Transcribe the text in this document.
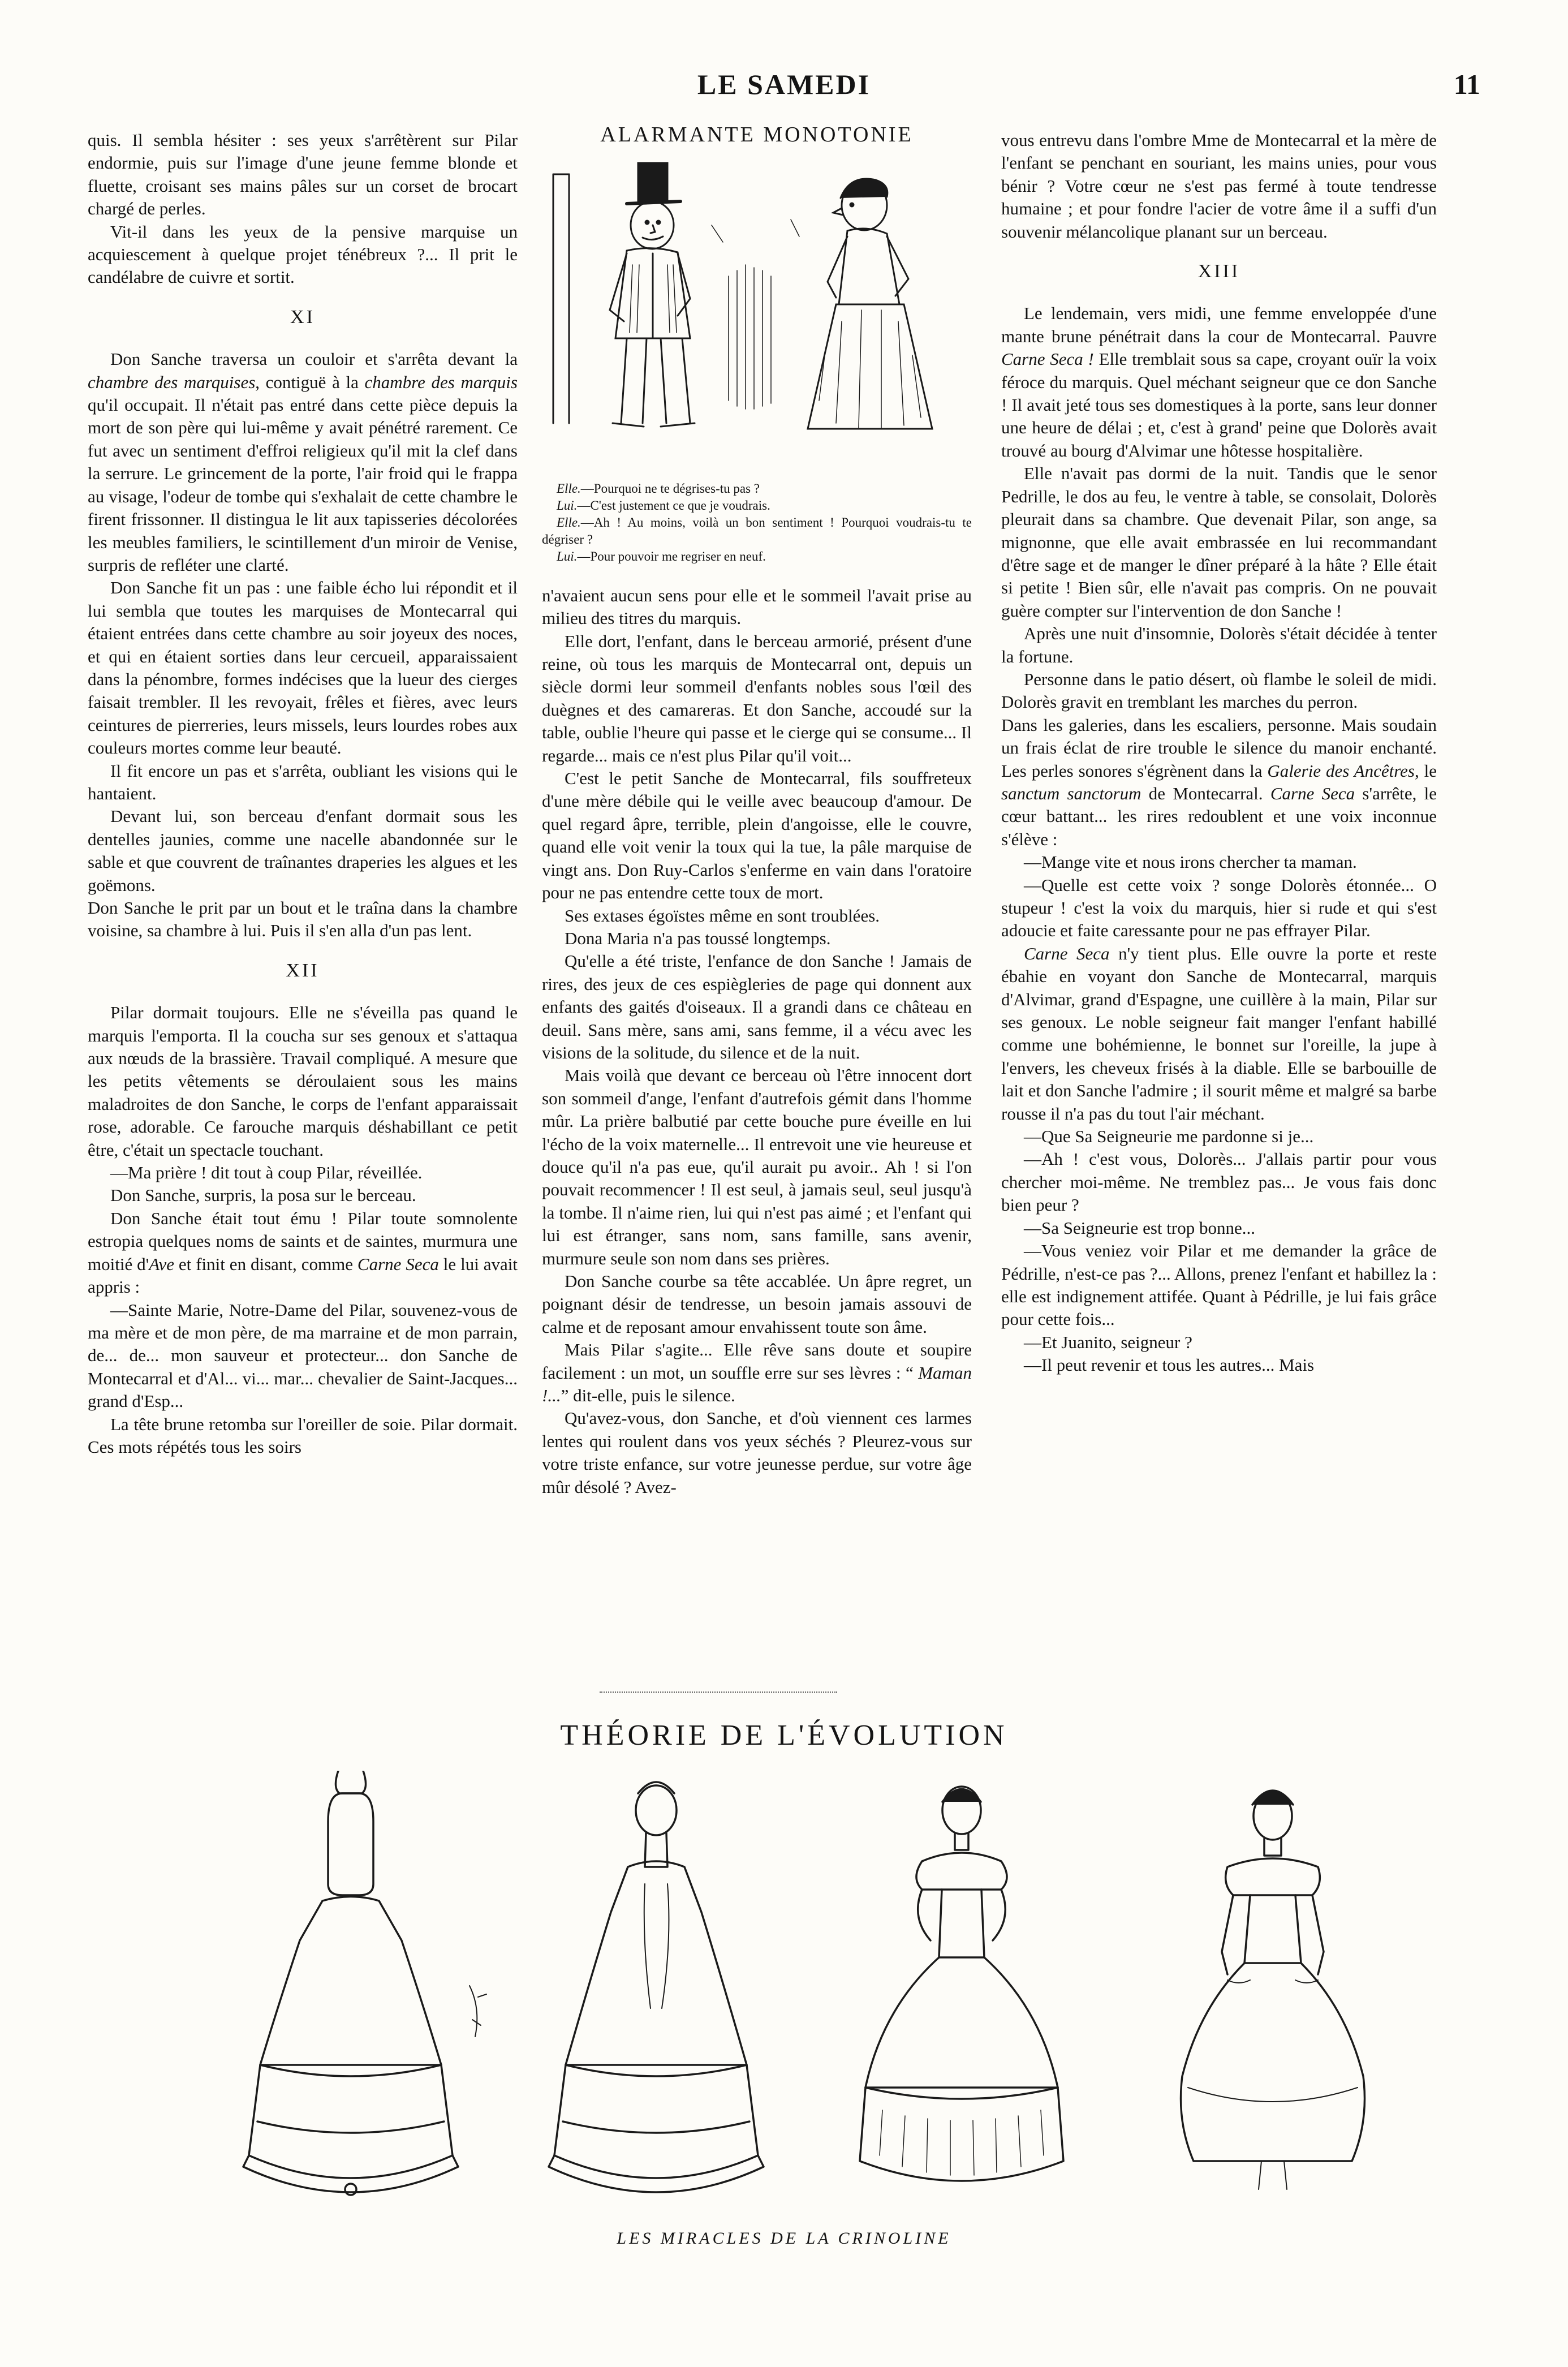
LE SAMEDI	11

quis. Il sembla hésiter : ses yeux s'arrêtèrent sur Pilar endormie, puis sur l'image d'une jeune femme blonde et fluette, croisant ses mains pâles sur un corset de brocart chargé de perles.

Vit-il dans les yeux de la pensive marquise un acquiescement à quelque projet ténébreux ?... Il prit le candélabre de cuivre et sortit.

XI

Don Sanche traversa un couloir et s'arrêta devant la chambre des marquises, contiguë à la chambre des marquis qu'il occupait. Il n'était pas entré dans cette pièce depuis la mort de son père qui lui-même y avait pénétré rarement. Ce fut avec un sentiment d'effroi religieux qu'il mit la clef dans la serrure. Le grincement de la porte, l'air froid qui le frappa au visage, l'odeur de tombe qui s'exhalait de cette chambre le firent frissonner. Il distingua le lit aux tapisseries décolorées les meubles familiers, le scintillement d'un miroir de Venise, surpris de refléter une clarté.

Don Sanche fit un pas : une faible écho lui répondit et il lui sembla que toutes les marquises de Montecarral qui étaient entrées dans cette chambre au soir joyeux des noces, et qui en étaient sorties dans leur cercueil, apparaissaient dans la pénombre, formes indécises que la lueur des cierges faisait trembler. Il les revoyait, frêles et fières, avec leurs ceintures de pierreries, leurs missels, leurs lourdes robes aux couleurs mortes comme leur beauté.

Il fit encore un pas et s'arrêta, oubliant les visions qui le hantaient.

Devant lui, son berceau d'enfant dormait sous les dentelles jaunies, comme une nacelle abandonnée sur le sable et que couvrent de traînantes draperies les algues et les goëmons.

Don Sanche le prit par un bout et le traîna dans la chambre voisine, sa chambre à lui. Puis il s'en alla d'un pas lent.

XII

Pilar dormait toujours. Elle ne s'éveilla pas quand le marquis l'emporta. Il la coucha sur ses genoux et s'attaqua aux nœuds de la brassière. Travail compliqué. A mesure que les petits vêtements se déroulaient sous les mains maladroites de don Sanche, le corps de l'enfant apparaissait rose, adorable. Ce farouche marquis déshabillant ce petit être, c'était un spectacle touchant.

—Ma prière ! dit tout à coup Pilar, réveillée.

Don Sanche, surpris, la posa sur le berceau.

Don Sanche était tout ému ! Pilar toute somnolente estropia quelques noms de saints et de saintes, murmura une moitié d'Ave et finit en disant, comme Carne Seca le lui avait appris :

—Sainte Marie, Notre-Dame del Pilar, souvenez-vous de ma mère et de mon père, de ma marraine et de mon parrain, de... de... mon sauveur et protecteur... don Sanche de Montecarral et d'Al... vi... mar... chevalier de Saint-Jacques... grand d'Esp...

La tête brune retomba sur l'oreiller de soie. Pilar dormait. Ces mots répétés tous les soirs

ALARMANTE MONOTONIE

Elle.—Pourquoi ne te dégrises-tu pas ?

Lui.—C'est justement ce que je voudrais.

Elle.—Ah ! Au moins, voilà un bon sentiment ! Pourquoi voudrais-tu te dégriser ?

Lui.—Pour pouvoir me regriser en neuf.

n'avaient aucun sens pour elle et le sommeil l'avait prise au milieu des titres du marquis.

Elle dort, l'enfant, dans le berceau armorié, présent d'une reine, où tous les marquis de Montecarral ont, depuis un siècle dormi leur sommeil d'enfants nobles sous l'œil des duègnes et des camareras. Et don Sanche, accoudé sur la table, oublie l'heure qui passe et le cierge qui se consume... Il regarde... mais ce n'est plus Pilar qu'il voit...

C'est le petit Sanche de Montecarral, fils souffreteux d'une mère débile qui le veille avec beaucoup d'amour. De quel regard âpre, terrible, plein d'angoisse, elle le couvre, quand elle voit venir la toux qui la tue, la pâle marquise de vingt ans. Don Ruy-Carlos s'enferme en vain dans l'oratoire pour ne pas entendre cette toux de mort.

Ses extases égoïstes même en sont troublées.

Dona Maria n'a pas toussé longtemps.

Qu'elle a été triste, l'enfance de don Sanche ! Jamais de rires, des jeux de ces espiègleries de page qui donnent aux enfants des gaités d'oiseaux. Il a grandi dans ce château en deuil. Sans mère, sans ami, sans femme, il a vécu avec les visions de la solitude, du silence et de la nuit.

Mais voilà que devant ce berceau où l'être innocent dort son sommeil d'ange, l'enfant d'autrefois gémit dans l'homme mûr. La prière balbutié par cette bouche pure éveille en lui l'écho de la voix maternelle... Il entrevoit une vie heureuse et douce qu'il n'a pas eue, qu'il aurait pu avoir.. Ah ! si l'on pouvait recommencer ! Il est seul, à jamais seul, seul jusqu'à la tombe. Il n'aime rien, lui qui n'est pas aimé ; et l'enfant qui lui est étranger, sans nom, sans famille, sans avenir, murmure seule son nom dans ses prières.

Don Sanche courbe sa tête accablée. Un âpre regret, un poignant désir de tendresse, un besoin jamais assouvi de calme et de reposant amour envahissent toute son âme.

Mais Pilar s'agite... Elle rêve sans doute et soupire facilement : un mot, un souffle erre sur ses lèvres : “ Maman !...” dit-elle, puis le silence.

Qu'avez-vous, don Sanche, et d'où viennent ces larmes lentes qui roulent dans vos yeux séchés ? Pleurez-vous sur votre triste enfance, sur votre jeunesse perdue, sur votre âge mûr désolé ? Avez-

vous entrevu dans l'ombre Mme de Montecarral et la mère de l'enfant se penchant en souriant, les mains unies, pour vous bénir ? Votre cœur ne s'est pas fermé à toute tendresse humaine ; et pour fondre l'acier de votre âme il a suffi d'un souvenir mélancolique planant sur un berceau.

XIII

Le lendemain, vers midi, une femme enveloppée d'une mante brune pénétrait dans la cour de Montecarral. Pauvre Carne Seca ! Elle tremblait sous sa cape, croyant ouïr la voix féroce du marquis. Quel méchant seigneur que ce don Sanche ! Il avait jeté tous ses domestiques à la porte, sans leur donner une heure de délai ; et, c'est à grand' peine que Dolorès avait trouvé au bourg d'Alvimar une hôtesse hospitalière.

Elle n'avait pas dormi de la nuit. Tandis que le senor Pedrille, le dos au feu, le ventre à table, se consolait, Dolorès pleurait dans sa chambre. Que devenait Pilar, son ange, sa mignonne, que elle avait embrassée en lui recommandant d'être sage et de manger le dîner préparé à la hâte ? Elle était si petite ! Bien sûr, elle n'avait pas compris. On ne pouvait guère compter sur l'intervention de don Sanche !

Après une nuit d'insomnie, Dolorès s'était décidée à tenter la fortune.

Personne dans le patio désert, où flambe le soleil de midi. Dolorès gravit en tremblant les marches du perron.

Dans les galeries, dans les escaliers, personne. Mais soudain un frais éclat de rire trouble le silence du manoir enchanté. Les perles sonores s'égrènent dans la Galerie des Ancêtres, le sanctum sanctorum de Montecarral. Carne Seca s'arrête, le cœur battant... les rires redoublent et une voix inconnue s'élève :

—Mange vite et nous irons chercher ta maman.

—Quelle est cette voix ? songe Dolorès étonnée... O stupeur ! c'est la voix du marquis, hier si rude et qui s'est adoucie et faite caressante pour ne pas effrayer Pilar.

Carne Seca n'y tient plus. Elle ouvre la porte et reste ébahie en voyant don Sanche de Montecarral, marquis d'Alvimar, grand d'Espagne, une cuillère à la main, Pilar sur ses genoux. Le noble seigneur fait manger l'enfant habillé comme une bohémienne, le bonnet sur l'oreille, la jupe à l'envers, les cheveux frisés à la diable. Elle se barbouille de lait et don Sanche l'admire ; il sourit même et malgré sa barbe rousse il n'a pas du tout l'air méchant.

—Que Sa Seigneurie me pardonne si je...

—Ah ! c'est vous, Dolorès... J'allais partir pour vous chercher moi-même. Ne tremblez pas... Je vous fais donc bien peur ?

—Sa Seigneurie est trop bonne...

—Vous veniez voir Pilar et me demander la grâce de Pédrille, n'est-ce pas ?... Allons, prenez l'enfant et habillez la : elle est indignement attifée. Quant à Pédrille, je lui fais grâce pour cette fois...

—Et Juanito, seigneur ?

—Il peut revenir et tous les autres... Mais

THÉORIE DE L'ÉVOLUTION
LES MIRACLES DE LA CRINOLINE
